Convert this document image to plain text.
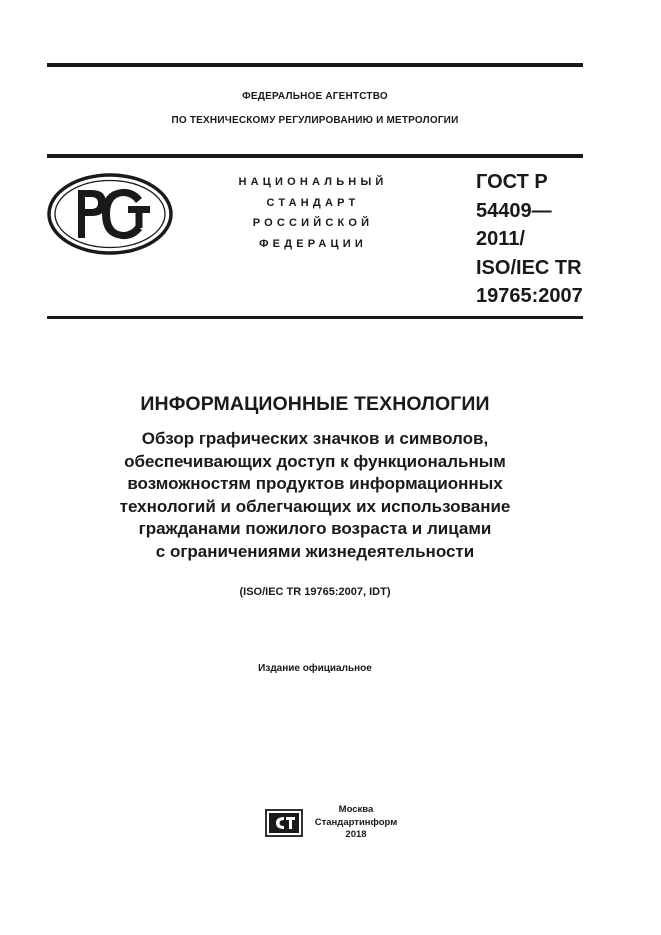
ФЕДЕРАЛЬНОЕ АГЕНТСТВО
ПО ТЕХНИЧЕСКОМУ РЕГУЛИРОВАНИЮ И МЕТРОЛОГИИ
НАЦИОНАЛЬНЫЙ
СТАНДАРТ
РОССИЙСКОЙ
ФЕДЕРАЦИИ
ГОСТ Р
54409—
2011/
ISO/IEC TR
19765:2007
ИНФОРМАЦИОННЫЕ ТЕХНОЛОГИИ
Обзор графических значков и символов,
обеспечивающих доступ к функциональным
возможностям продуктов информационных
технологий и облегчающих их использование
гражданами пожилого возраста и лицами
с ограничениями жизнедеятельности
(ISO/IEC TR 19765:2007, IDT)
Издание официальное
Москва
Стандартинформ
2018
